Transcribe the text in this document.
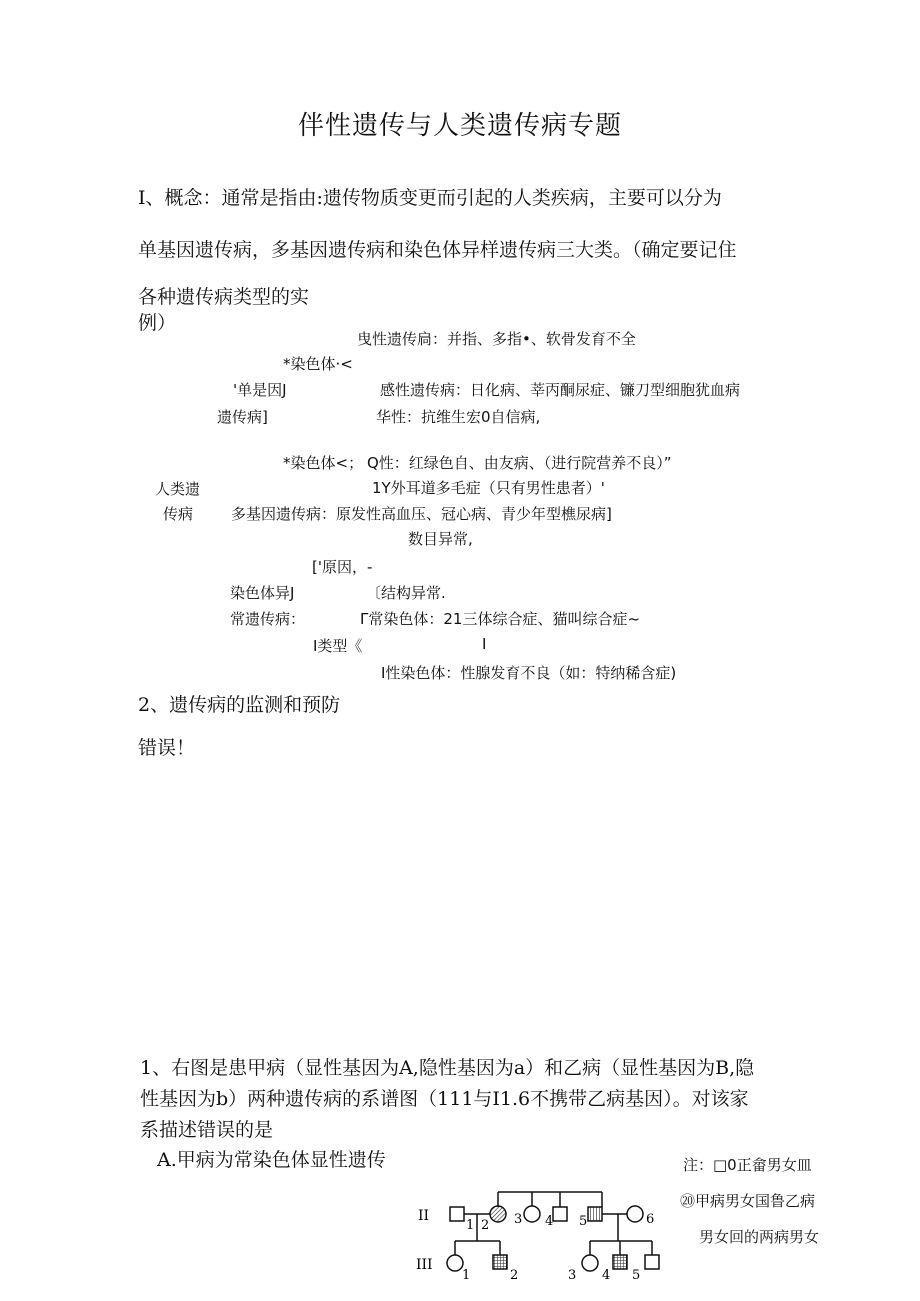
伴性遗传与人类遗传病专题
I、概念：通常是指由:遗传物质变更而引起的人类疾病，主要可以分为
单基因遗传病，多基因遗传病和染色体异样遗传病三大类。（确定要记住
各种遗传病类型的实
例）
曳性遗传扃：并指、多指•、软骨发育不全
*染色体·<
'单是因J	感性遗传病：日化病、莘丙酮尿症、镰刀型细胞犹血病
遗传病]	华性：抗维生宏0自信病,
*染色体<； Q性：红绿色自、由友病、（进行院营养不良）”
1Y外耳道多毛症（只有男性患者）'
人类遗
传病	多基因遗传病：原发性高血压、冠心病、青少年型樵尿病]
数目异常,
['原因，-
染色体异J	〔结构异常.
常遗传病：	Γ常染色体：21三体综合症、猫叫综合症~
I类型《	I
I性染色体：性腺发育不良（如：特纳稀含症)
2、遗传病的监测和预防
错误！
1、右图是患甲病（显性基因为A,隐性基因为a）和乙病（显性基因为B,隐
性基因为b）两种遗传病的系谱图（111与I1.6不携带乙病基因）。对该家
系描述错误的是
A.甲病为常染色体显性遗传	注：□0正畲男女皿
⑳甲病男女国鲁乙病
男女回的两病男女
II
III
1 2 3 4 5	6
1	2	3 4 5
